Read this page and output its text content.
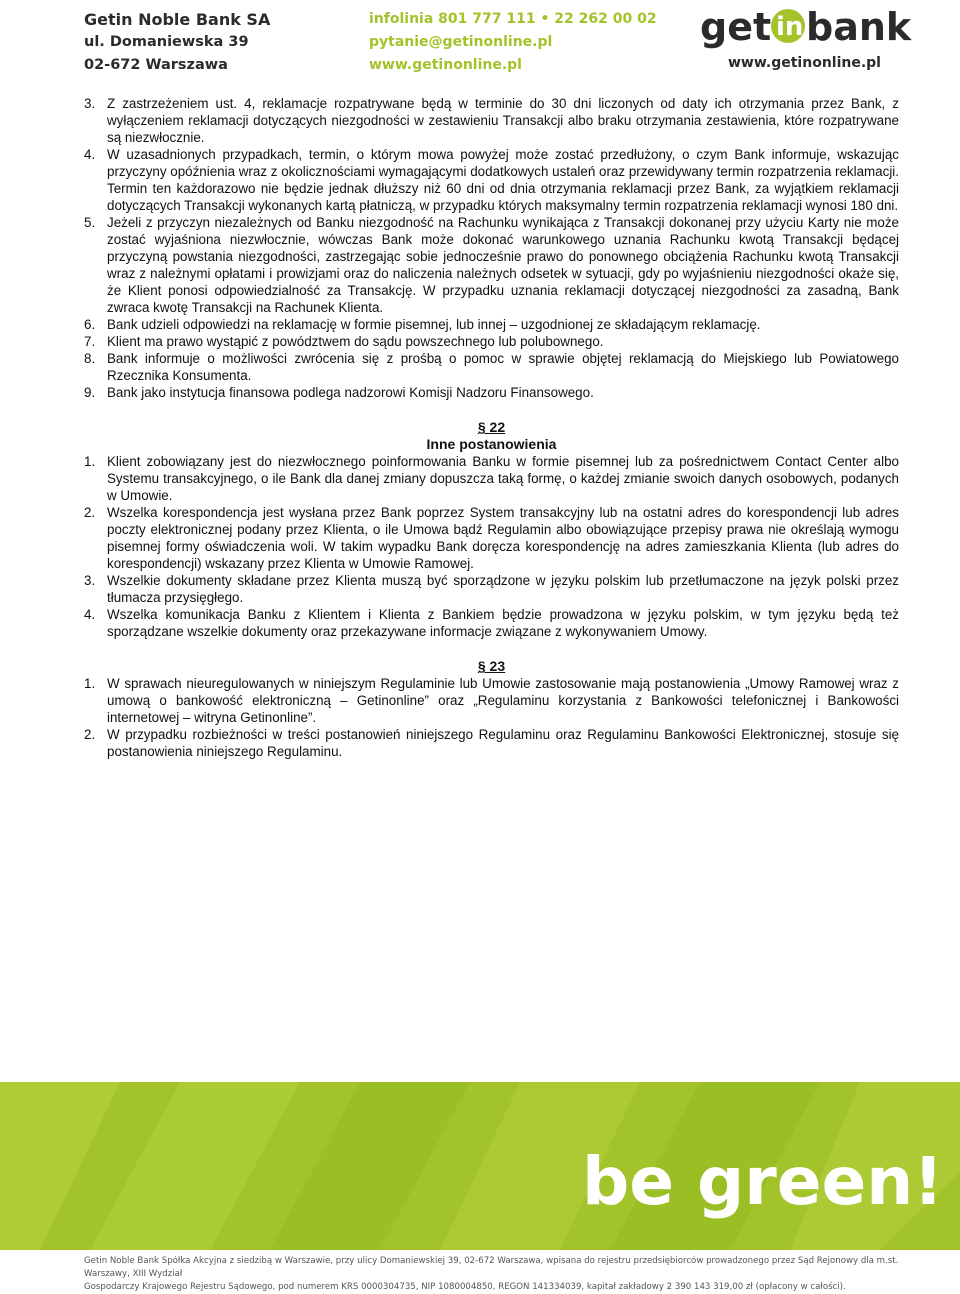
Getin Noble Bank SA
ul. Domaniewska 39
02-672 Warszawa
infolinia 801 777 111 • 22 262 00 02
pytanie@getinonline.pl
www.getinonline.pl
get in bank
www.getinonline.pl
3. Z zastrzeżeniem ust. 4, reklamacje rozpatrywane będą w terminie do 30 dni liczonych od daty ich otrzymania przez Bank, z wyłączeniem reklamacji dotyczących niezgodności w zestawieniu Transakcji albo braku otrzymania zestawienia, które rozpatrywane są niezwłocznie.
4. W uzasadnionych przypadkach, termin, o którym mowa powyżej może zostać przedłużony, o czym Bank informuje, wskazując przyczyny opóźnienia wraz z okolicznościami wymagającymi dodatkowych ustaleń oraz przewidywany termin rozpatrzenia reklamacji. Termin ten każdorazowo nie będzie jednak dłuższy niż 60 dni od dnia otrzymania reklamacji przez Bank, za wyjątkiem reklamacji dotyczących Transakcji wykonanych kartą płatniczą, w przypadku których maksymalny termin rozpatrzenia reklamacji wynosi 180 dni.
5. Jeżeli z przyczyn niezależnych od Banku niezgodność na Rachunku wynikająca z Transakcji dokonanej przy użyciu Karty nie może zostać wyjaśniona niezwłocznie, wówczas Bank może dokonać warunkowego uznania Rachunku kwotą Transakcji będącej przyczyną powstania niezgodności, zastrzegając sobie jednocześnie prawo do ponownego obciążenia Rachunku kwotą Transakcji wraz z należnymi opłatami i prowizjami oraz do naliczenia należnych odsetek w sytuacji, gdy po wyjaśnieniu niezgodności okaże się, że Klient ponosi odpowiedzialność za Transakcję. W przypadku uznania reklamacji dotyczącej niezgodności za zasadną, Bank zwraca kwotę Transakcji na Rachunek Klienta.
6. Bank udzieli odpowiedzi na reklamację w formie pisemnej, lub innej – uzgodnionej ze składającym reklamację.
7. Klient ma prawo wystąpić z powództwem do sądu powszechnego lub polubownego.
8. Bank informuje o możliwości zwrócenia się z prośbą o pomoc w sprawie objętej reklamacją do Miejskiego lub Powiatowego Rzecznika Konsumenta.
9. Bank jako instytucja finansowa podlega nadzorowi Komisji Nadzoru Finansowego.
§ 22
Inne postanowienia
1. Klient zobowiązany jest do niezwłocznego poinformowania Banku w formie pisemnej lub za pośrednictwem Contact Center albo Systemu transakcyjnego, o ile Bank dla danej zmiany dopuszcza taką formę, o każdej zmianie swoich danych osobowych, podanych w Umowie.
2. Wszelka korespondencja jest wysłana przez Bank poprzez System transakcyjny lub na ostatni adres do korespondencji lub adres poczty elektronicznej podany przez Klienta, o ile Umowa bądź Regulamin albo obowiązujące przepisy prawa nie określają wymogu pisemnej formy oświadczenia woli. W takim wypadku Bank doręcza korespondencję na adres zamieszkania Klienta (lub adres do korespondencji) wskazany przez Klienta w Umowie Ramowej.
3. Wszelkie dokumenty składane przez Klienta muszą być sporządzone w języku polskim lub przetłumaczone na język polski przez tłumacza przysięgłego.
4. Wszelka komunikacja Banku z Klientem i Klienta z Bankiem będzie prowadzona w języku polskim, w tym języku będą też sporządzane wszelkie dokumenty oraz przekazywane informacje związane z wykonywaniem Umowy.
§ 23
1. W sprawach nieuregulowanych w niniejszym Regulaminie lub Umowie zastosowanie mają postanowienia „Umowy Ramowej wraz z umową o bankowość elektroniczną – Getinonline” oraz „Regulaminu korzystania z Bankowości telefonicznej i Bankowości internetowej – witryna Getinonline”.
2. W przypadku rozbieżności w treści postanowień niniejszego Regulaminu oraz Regulaminu Bankowości Elektronicznej, stosuje się postanowienia niniejszego Regulaminu.
be green!
Getin Noble Bank Spółka Akcyjna z siedzibą w Warszawie, przy ulicy Domaniewskiej 39, 02-672 Warszawa, wpisana do rejestru przedsiębiorców prowadzonego przez Sąd Rejonowy dla m.st. Warszawy, XIII Wydział
Gospodarczy Krajowego Rejestru Sądowego, pod numerem KRS 0000304735, NIP 1080004850, REGON 141334039, kapitał zakładowy 2 390 143 319,00 zł (opłacony w całości).
